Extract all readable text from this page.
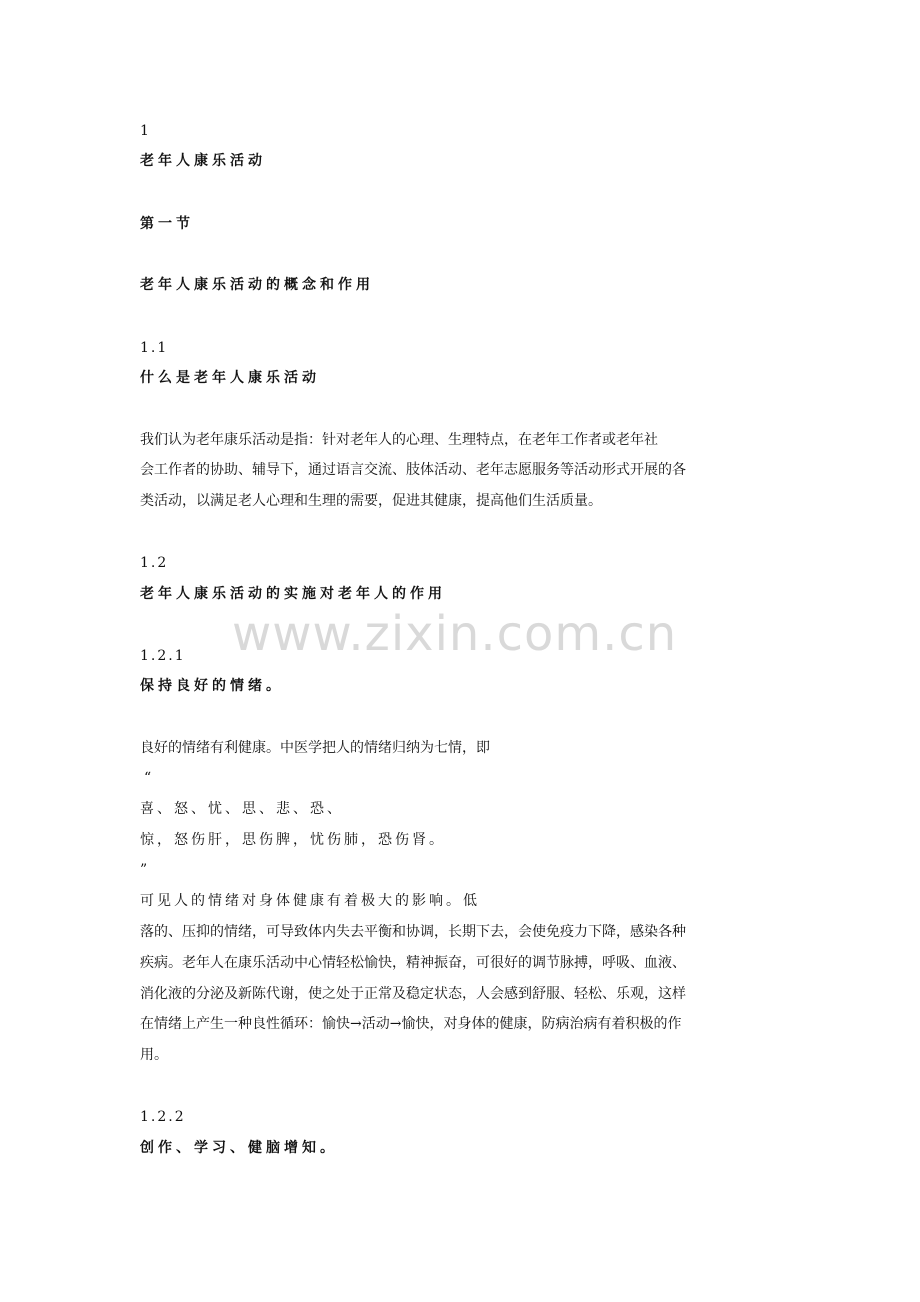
www.zixin.com.cn
1
老年人康乐活动
第一节
老年人康乐活动的概念和作用
1.1
什么是老年人康乐活动
我们认为老年康乐活动是指：针对老年人的心理、生理特点，在老年工作者或老年社
会工作者的协助、辅导下，通过语言交流、肢体活动、老年志愿服务等活动形式开展的各
类活动，以满足老人心理和生理的需要，促进其健康，提高他们生活质量。
1.2
老年人康乐活动的实施对老年人的作用
1.2.1
保持良好的情绪。
良好的情绪有利健康。中医学把人的情绪归纳为七情，即
“
喜、怒、忧、思、悲、恐、
惊，怒伤肝，思伤脾，忧伤肺，恐伤肾。
”
可见人的情绪对身体健康有着极大的影响。低
落的、压抑的情绪，可导致体内失去平衡和协调，长期下去，会使免疫力下降，感染各种
疾病。老年人在康乐活动中心情轻松愉快，精神振奋，可很好的调节脉搏，呼吸、血液、
消化液的分泌及新陈代谢，使之处于正常及稳定状态，人会感到舒服、轻松、乐观，这样
在情绪上产生一种良性循环：愉快→活动→愉快，对身体的健康，防病治病有着积极的作
用。
1.2.2
创作、学习、健脑增知。
